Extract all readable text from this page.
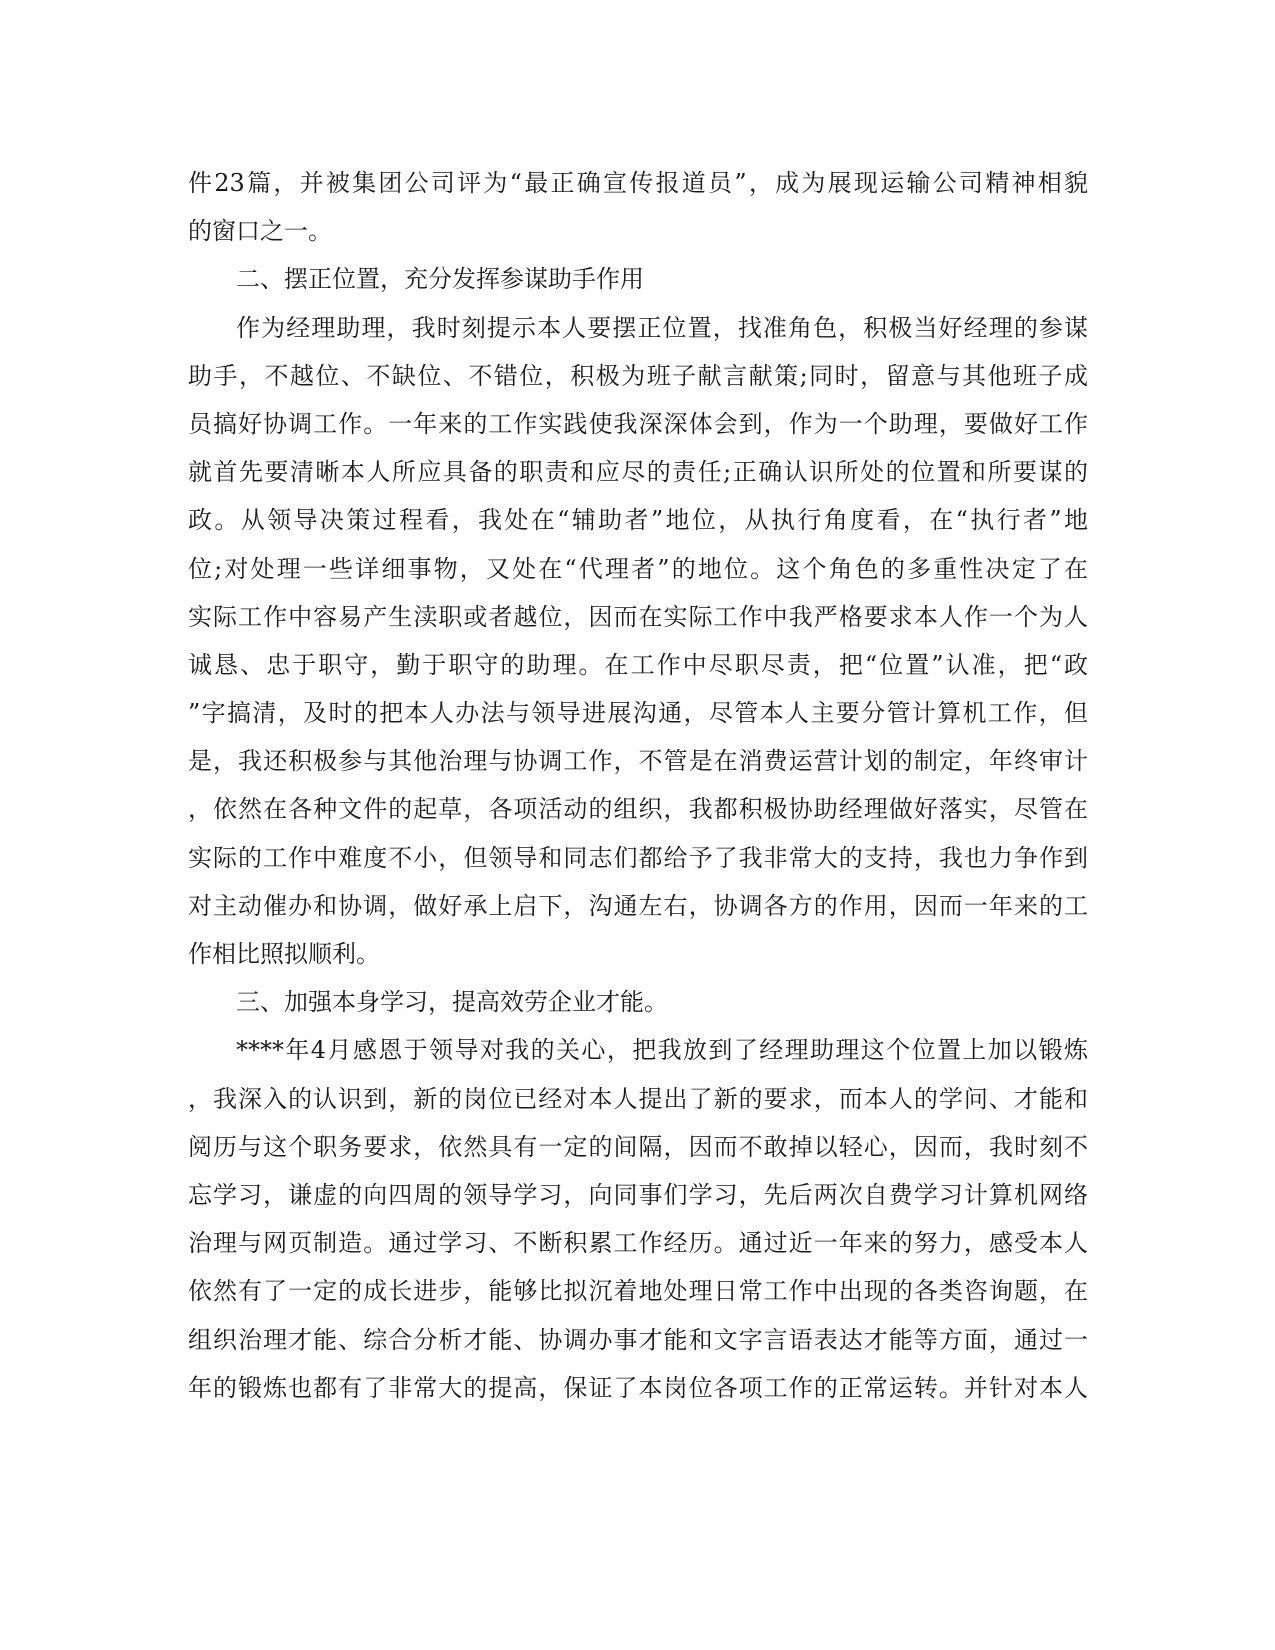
件23篇，并被集团公司评为“最正确宣传报道员”，成为展现运输公司精神相貌
的窗口之一。
二、摆正位置，充分发挥参谋助手作用
作为经理助理，我时刻提示本人要摆正位置，找准角色，积极当好经理的参谋
助手，不越位、不缺位、不错位，积极为班子献言献策;同时，留意与其他班子成
员搞好协调工作。一年来的工作实践使我深深体会到，作为一个助理，要做好工作
就首先要清晰本人所应具备的职责和应尽的责任;正确认识所处的位置和所要谋的
政。从领导决策过程看，我处在“辅助者”地位，从执行角度看，在“执行者”地
位;对处理一些详细事物，又处在“代理者”的地位。这个角色的多重性决定了在
实际工作中容易产生渎职或者越位，因而在实际工作中我严格要求本人作一个为人
诚恳、忠于职守，勤于职守的助理。在工作中尽职尽责，把“位置”认准，把“政
”字搞清，及时的把本人办法与领导进展沟通，尽管本人主要分管计算机工作，但
是，我还积极参与其他治理与协调工作，不管是在消费运营计划的制定，年终审计
，依然在各种文件的起草，各项活动的组织，我都积极协助经理做好落实，尽管在
实际的工作中难度不小，但领导和同志们都给予了我非常大的支持，我也力争作到
对主动催办和协调，做好承上启下，沟通左右，协调各方的作用，因而一年来的工
作相比照拟顺利。
三、加强本身学习，提高效劳企业才能。
****年4月感恩于领导对我的关心，把我放到了经理助理这个位置上加以锻炼
，我深入的认识到，新的岗位已经对本人提出了新的要求，而本人的学问、才能和
阅历与这个职务要求，依然具有一定的间隔，因而不敢掉以轻心，因而，我时刻不
忘学习，谦虚的向四周的领导学习，向同事们学习，先后两次自费学习计算机网络
治理与网页制造。通过学习、不断积累工作经历。通过近一年来的努力，感受本人
依然有了一定的成长进步，能够比拟沉着地处理日常工作中出现的各类咨询题，在
组织治理才能、综合分析才能、协调办事才能和文字言语表达才能等方面，通过一
年的锻炼也都有了非常大的提高，保证了本岗位各项工作的正常运转。并针对本人
